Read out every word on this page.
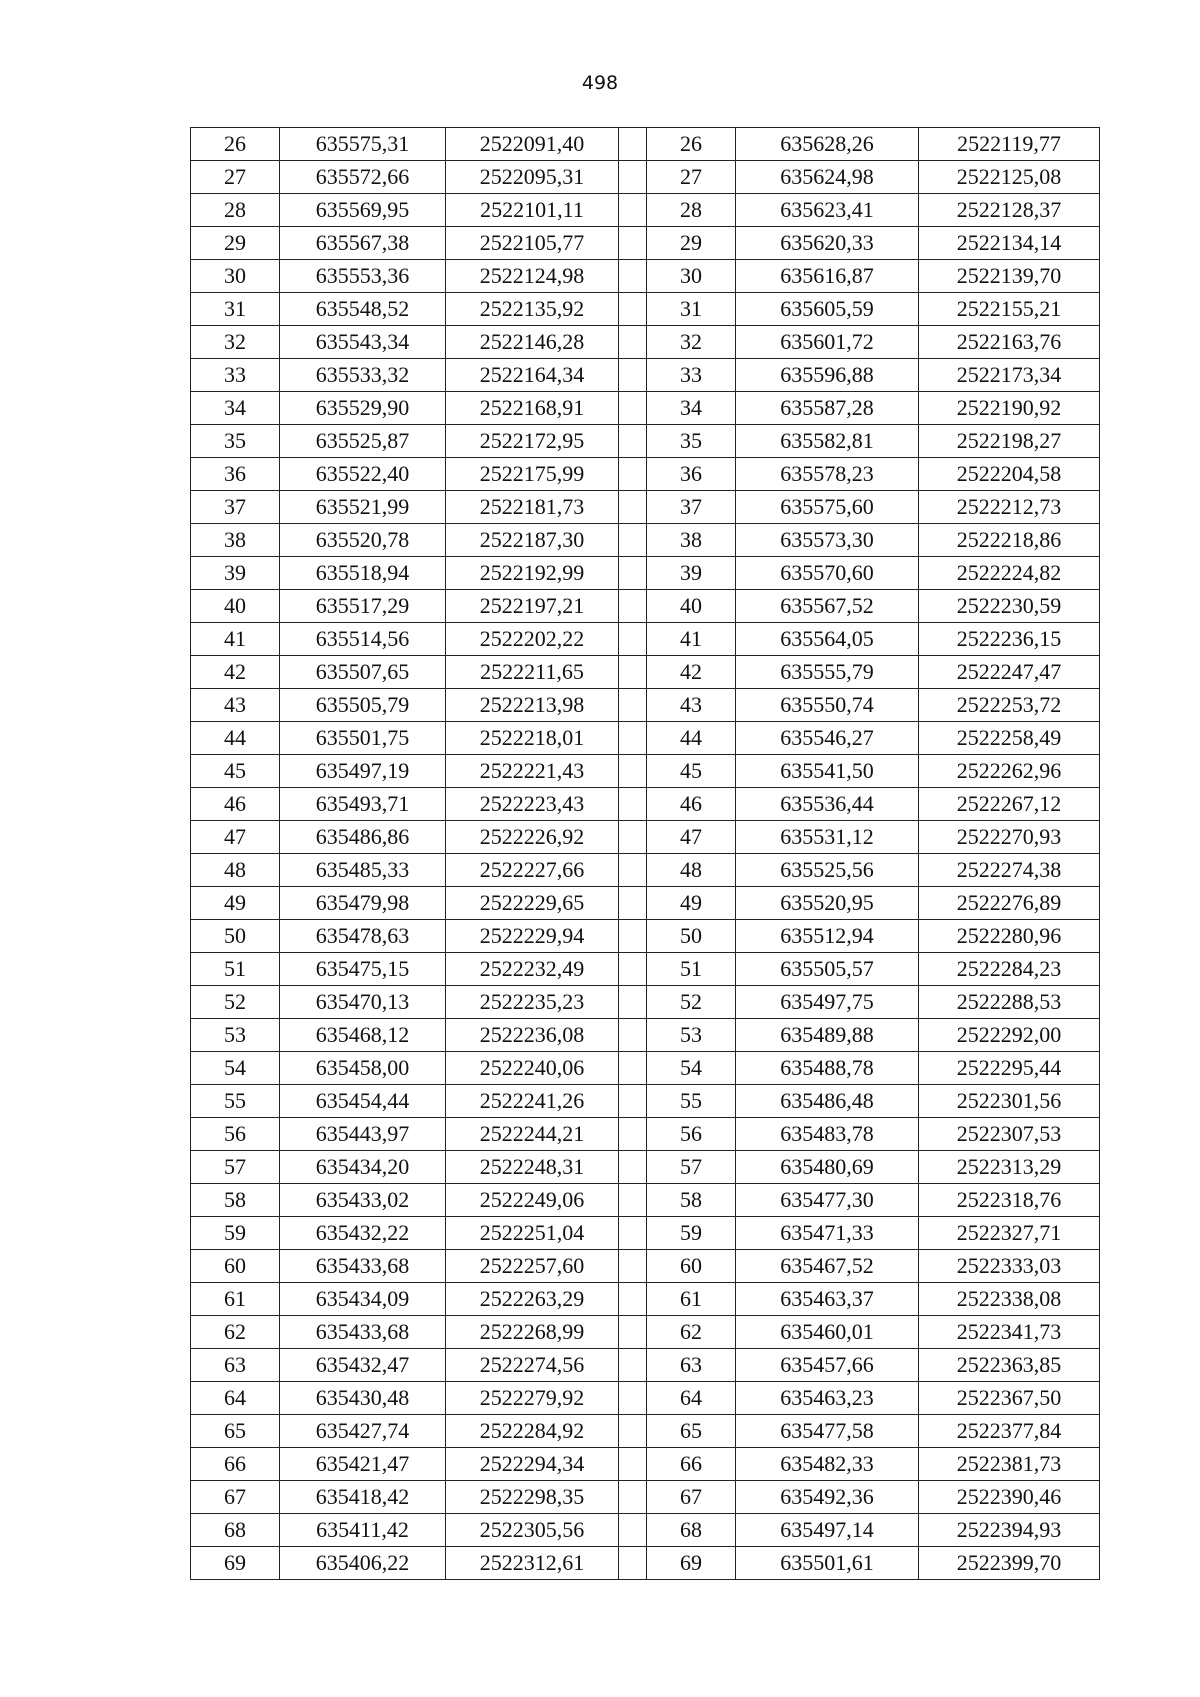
498
26	635575,31	2522091,40		26	635628,26	2522119,77
27	635572,66	2522095,31		27	635624,98	2522125,08
28	635569,95	2522101,11		28	635623,41	2522128,37
29	635567,38	2522105,77		29	635620,33	2522134,14
30	635553,36	2522124,98		30	635616,87	2522139,70
31	635548,52	2522135,92		31	635605,59	2522155,21
32	635543,34	2522146,28		32	635601,72	2522163,76
33	635533,32	2522164,34		33	635596,88	2522173,34
34	635529,90	2522168,91		34	635587,28	2522190,92
35	635525,87	2522172,95		35	635582,81	2522198,27
36	635522,40	2522175,99		36	635578,23	2522204,58
37	635521,99	2522181,73		37	635575,60	2522212,73
38	635520,78	2522187,30		38	635573,30	2522218,86
39	635518,94	2522192,99		39	635570,60	2522224,82
40	635517,29	2522197,21		40	635567,52	2522230,59
41	635514,56	2522202,22		41	635564,05	2522236,15
42	635507,65	2522211,65		42	635555,79	2522247,47
43	635505,79	2522213,98		43	635550,74	2522253,72
44	635501,75	2522218,01		44	635546,27	2522258,49
45	635497,19	2522221,43		45	635541,50	2522262,96
46	635493,71	2522223,43		46	635536,44	2522267,12
47	635486,86	2522226,92		47	635531,12	2522270,93
48	635485,33	2522227,66		48	635525,56	2522274,38
49	635479,98	2522229,65		49	635520,95	2522276,89
50	635478,63	2522229,94		50	635512,94	2522280,96
51	635475,15	2522232,49		51	635505,57	2522284,23
52	635470,13	2522235,23		52	635497,75	2522288,53
53	635468,12	2522236,08		53	635489,88	2522292,00
54	635458,00	2522240,06		54	635488,78	2522295,44
55	635454,44	2522241,26		55	635486,48	2522301,56
56	635443,97	2522244,21		56	635483,78	2522307,53
57	635434,20	2522248,31		57	635480,69	2522313,29
58	635433,02	2522249,06		58	635477,30	2522318,76
59	635432,22	2522251,04		59	635471,33	2522327,71
60	635433,68	2522257,60		60	635467,52	2522333,03
61	635434,09	2522263,29		61	635463,37	2522338,08
62	635433,68	2522268,99		62	635460,01	2522341,73
63	635432,47	2522274,56		63	635457,66	2522363,85
64	635430,48	2522279,92		64	635463,23	2522367,50
65	635427,74	2522284,92		65	635477,58	2522377,84
66	635421,47	2522294,34		66	635482,33	2522381,73
67	635418,42	2522298,35		67	635492,36	2522390,46
68	635411,42	2522305,56		68	635497,14	2522394,93
69	635406,22	2522312,61		69	635501,61	2522399,70
